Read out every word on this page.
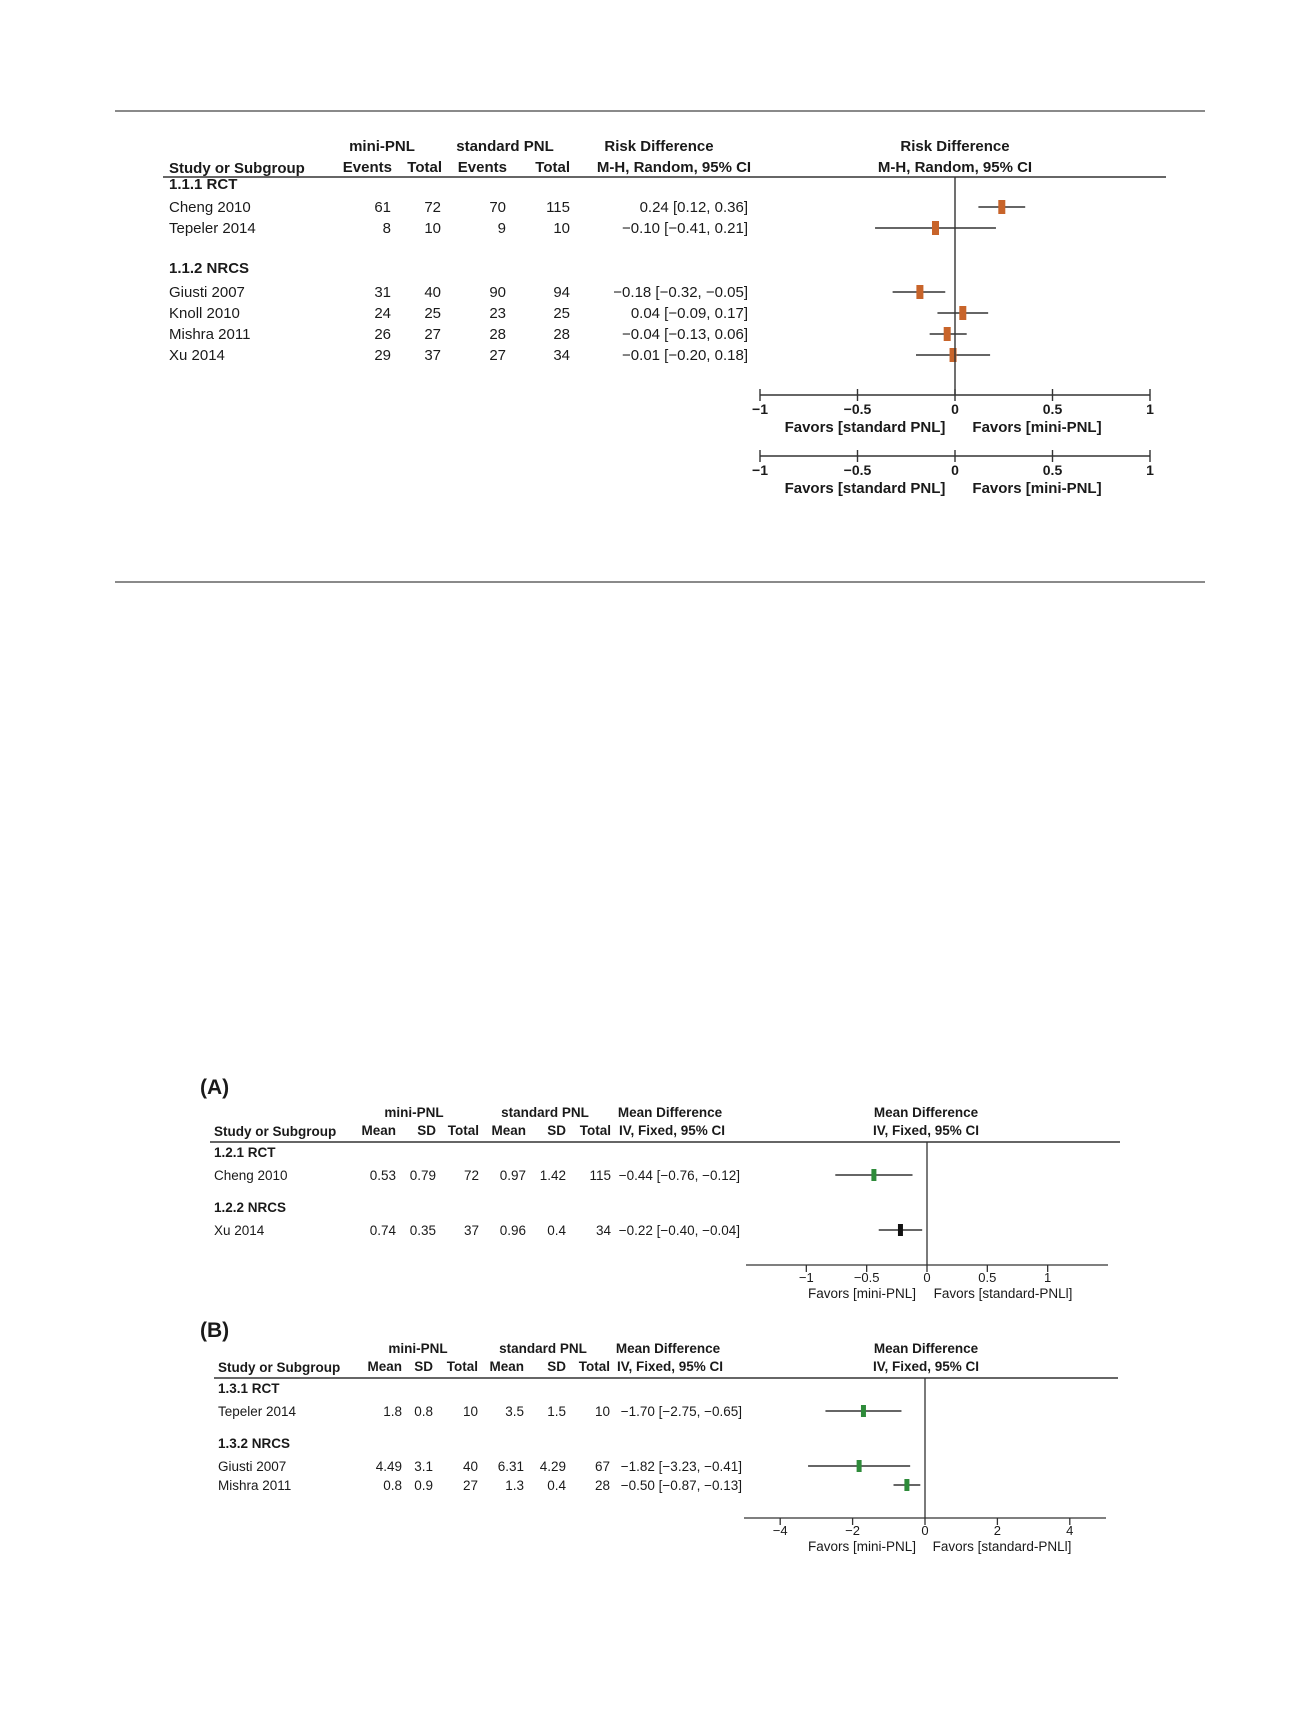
mini-PNL	standard PNL	Risk Difference	Risk Difference
Study or Subgroup	Events Total Events Total M-H, Random, 95% CI	M-H, Random, 95% CI
1.1.1 RCT
Cheng 2010	61 72	70	115	0.24 [0.12, 0.36]
Tepeler 2014	8 10	9	10	−0.10 [−0.41, 0.21]
1.1.2 NRCS
Giusti 2007	31 40	90	94	−0.18 [−0.32, −0.05]
Knoll 2010	24 25	23	25	0.04 [−0.09, 0.17]
Mishra 2011	26 27	28	28	−0.04 [−0.13, 0.06]
Xu 2014	29 37	27	34	−0.01 [−0.20, 0.18]
−1	−0.5	0	0.5	1
Favors [standard PNL] Favors [mini-PNL]
−1	−0.5	0	0.5	1
Favors [standard PNL] Favors [mini-PNL]
(A)
mini-PNL	standard PNL Mean Difference	Mean Difference
Study or Subgroup Mean SD Total Mean SD Total IV, Fixed, 95% CI	IV, Fixed, 95% CI
1.2.1 RCT
Cheng 2010	0.53 0.79 72 0.97 1.42 115 −0.44 [−0.76, −0.12]
1.2.2 NRCS
Xu 2014	0.74 0.35 37 0.96 0.4 34 −0.22 [−0.40, −0.04]
−1	−0.5	0	0.5	1
Favors [mini-PNL] Favors [standard-PNLl]
(B)
mini-PNL	standard PNL Mean Difference	Mean Difference
Study or Subgroup Mean SD Total Mean SD Total IV, Fixed, 95% CI	IV, Fixed, 95% CI
1.3.1 RCT
Tepeler 2014	1.8 0.8 10 3.5 1.5 10 −1.70 [−2.75, −0.65]
1.3.2 NRCS
Giusti 2007	4.49 3.1 40 6.31 4.29 67 −1.82 [−3.23, −0.41]
Mishra 2011	0.8 0.9 27 1.3 0.4 28 −0.50 [−0.87, −0.13]
−4	−2	0	2	4
Favors [mini-PNL] Favors [standard-PNLl]
